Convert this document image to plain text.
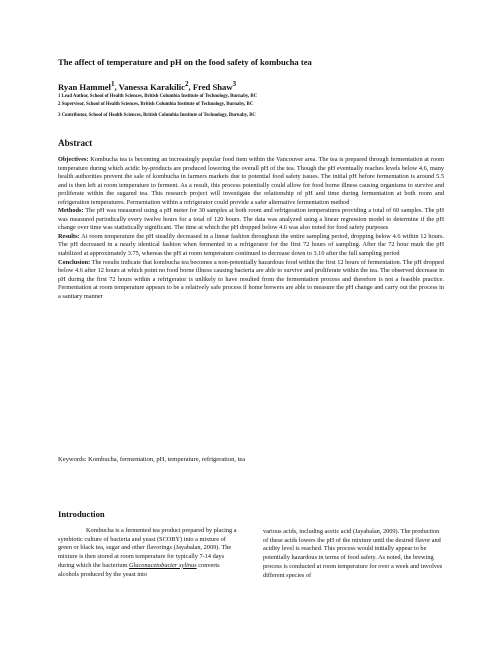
The affect of temperature and pH on the food safety of kombucha tea
Ryan Hammel$^1$, Vanessa Karakilic$^2$, Fred Shaw$^3$
1 Lead Author, School of Health Sciences, British Columbia Institute of Technology, Burnaby, BC
2 Supervisor, School of Health Sciences, British Columbia Institute of Technology, Burnaby, BC
3 Contributor, School of Health Sciences, British Columbia Institute of Technology, Burnaby, BC
Abstract

Objectives: Kombucha tea is becoming an increasingly popular food item within the Vancouver area. The tea is prepared through fermentation at room temperature during which acidic by-products are produced lowering the overall pH of the tea. Though the pH eventually reaches levels below 4.6, many health authorities prevent the sale of kombucha in farmers markets due to potential food safety issues. The initial pH before fermentation is around 5.5 and is then left at room temperature to ferment. As a result, this process potentially could allow for food borne illness causing organisms to survive and proliferate within the sugared tea. This research project will investigate the relationship of pH and time during fermentation at both room and refrigeration temperatures. Fermentation within a refrigerator could provide a safer alternative fermentation method

Methods: The pH was measured using a pH meter for 30 samples at both room and refrigeration temperatures providing a total of 60 samples. The pH was measured periodically every twelve hours for a total of 120 hours. The data was analyzed using a linear regression model to determine if the pH change over time was statistically significant. The time at which the pH dropped below 4.6 was also noted for food safety purposes

Results: At room temperature the pH steadily decreased in a linear fashion throughout the entire sampling period, dropping below 4.6 within 12 hours. The pH decreased in a nearly identical fashion when fermented in a refrigerator for the first 72 hours of sampling. After the 72 hour mark the pH stabilized at approximately 3.75, whereas the pH at room temperature continued to decrease down to 3.10 after the full sampling period

Conclusion: The results indicate that kombucha tea becomes a non-potentially hazardous food within the first 12 hours of fermentation. The pH dropped below 4.6 after 12 hours at which point no food borne illness causing bacteria are able to survive and proliferate within the tea. The observed decrease in pH during the first 72 hours within a refrigerator is unlikely to have resulted from the fermentation process and therefore is not a feasible practice. Fermentation at room temperature appears to be a relatively safe process if home brewers are able to measure the pH change and carry out the process in a sanitary manner

Keywords: Kombucha, fermentation, pH, temperature, refrigeration, tea
Introduction

Kombucha is a fermented tea product prepared by placing a symbiotic culture of bacteria and yeast (SCOBY) into a mixture of green or black tea, sugar and other flavorings (Jayabalan, 2009). The mixture is then stored at room temperature for typically 7-14 days during which the bacterium Gluconacetobacter xylinus converts alcohols produced by the yeast into

various acids, including acetic acid (Jayabalan, 2009). The production of these acids lowers the pH of the mixture until the desired flavor and acidity level is reached. This process would initially appear to be potentially hazardous in terms of food safety. As noted, the brewing process is conducted at room temperature for over a week and involves different species of
